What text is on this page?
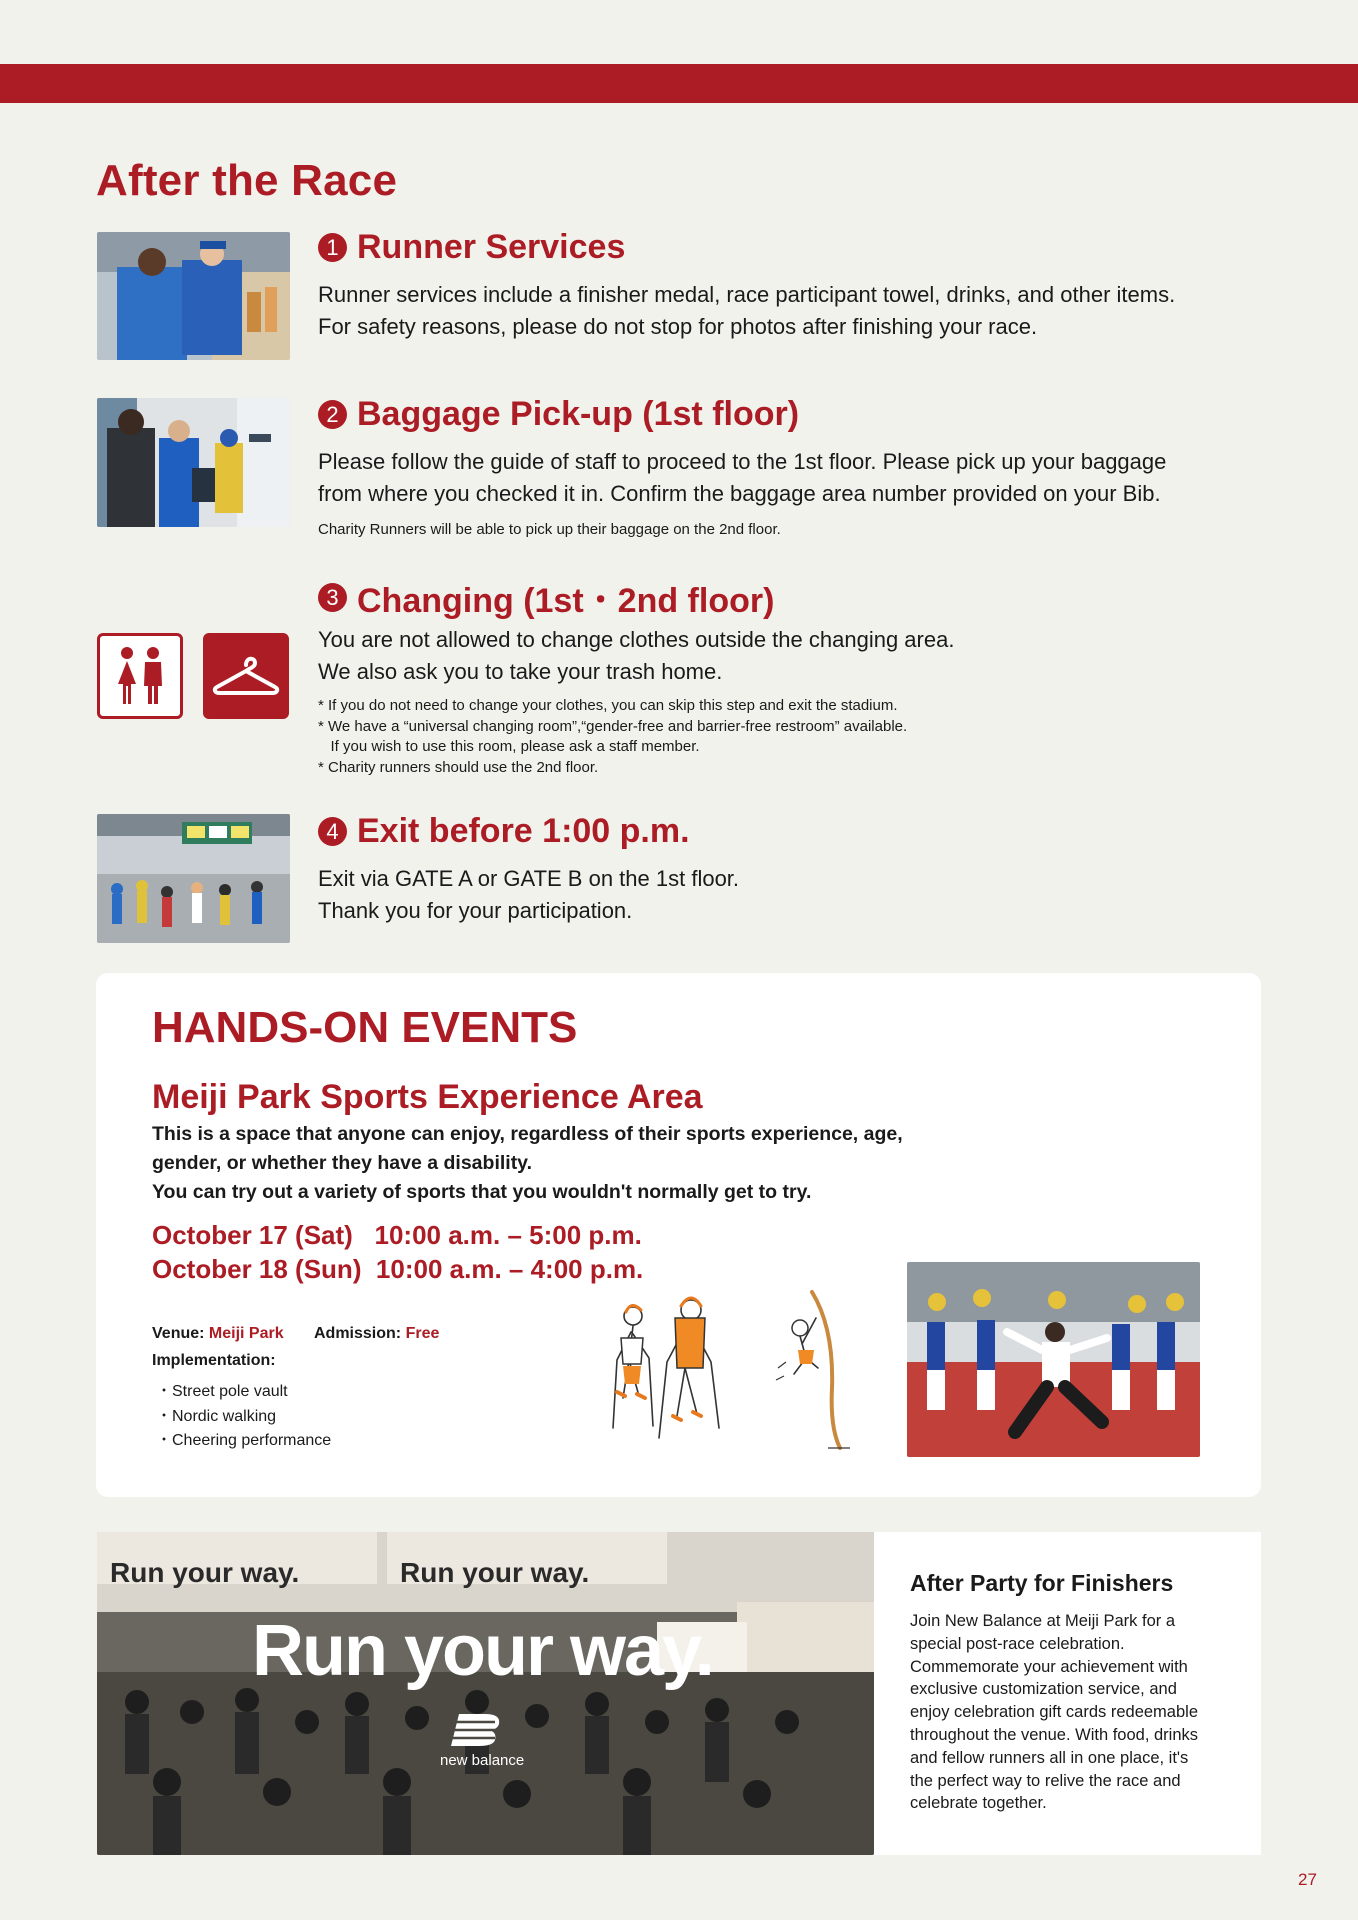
After the Race
1 Runner Services

Runner services include a finisher medal, race participant towel, drinks, and other items.
For safety reasons, please do not stop for photos after finishing your race.

2 Baggage Pick-up (1st floor)

Please follow the guide of staff to proceed to the 1st floor. Please pick up your baggage
from where you checked it in. Confirm the baggage area number provided on your Bib.

Charity Runners will be able to pick up their baggage on the 2nd floor.

3 Changing (1st・2nd floor)

You are not allowed to change clothes outside the changing area.
We also ask you to take your trash home.

* If you do not need to change your clothes, you can skip this step and exit the stadium.
* We have a “universal changing room”,“gender-free and barrier-free restroom” available.
If you wish to use this room, please ask a staff member.
* Charity runners should use the 2nd floor.

4 Exit before 1:00 p.m.

Exit via GATE A or GATE B on the 1st floor.
Thank you for your participation.

HANDS-ON EVENTS
Meiji Park Sports Experience Area

This is a space that anyone can enjoy, regardless of their sports experience, age,
gender, or whether they have a disability.
You can try out a variety of sports that you wouldn't normally get to try.

October 17 (Sat)   10:00 a.m. – 5:00 p.m.

October 18 (Sun)  10:00 a.m. – 4:00 p.m.

Venue: Meiji Park Admission: Free
Implementation:
・Street pole vault
・Nordic walking
・Cheering performance
Run your way.	Run your way.
Run your way.
new balance
After Party for Finishers

Join New Balance at Meiji Park for a
special post-race celebration.
Commemorate your achievement with
exclusive customization service, and
enjoy celebration gift cards redeemable
throughout the venue. With food, drinks
and fellow runners all in one place, it's
the perfect way to relive the race and
celebrate together.

27
